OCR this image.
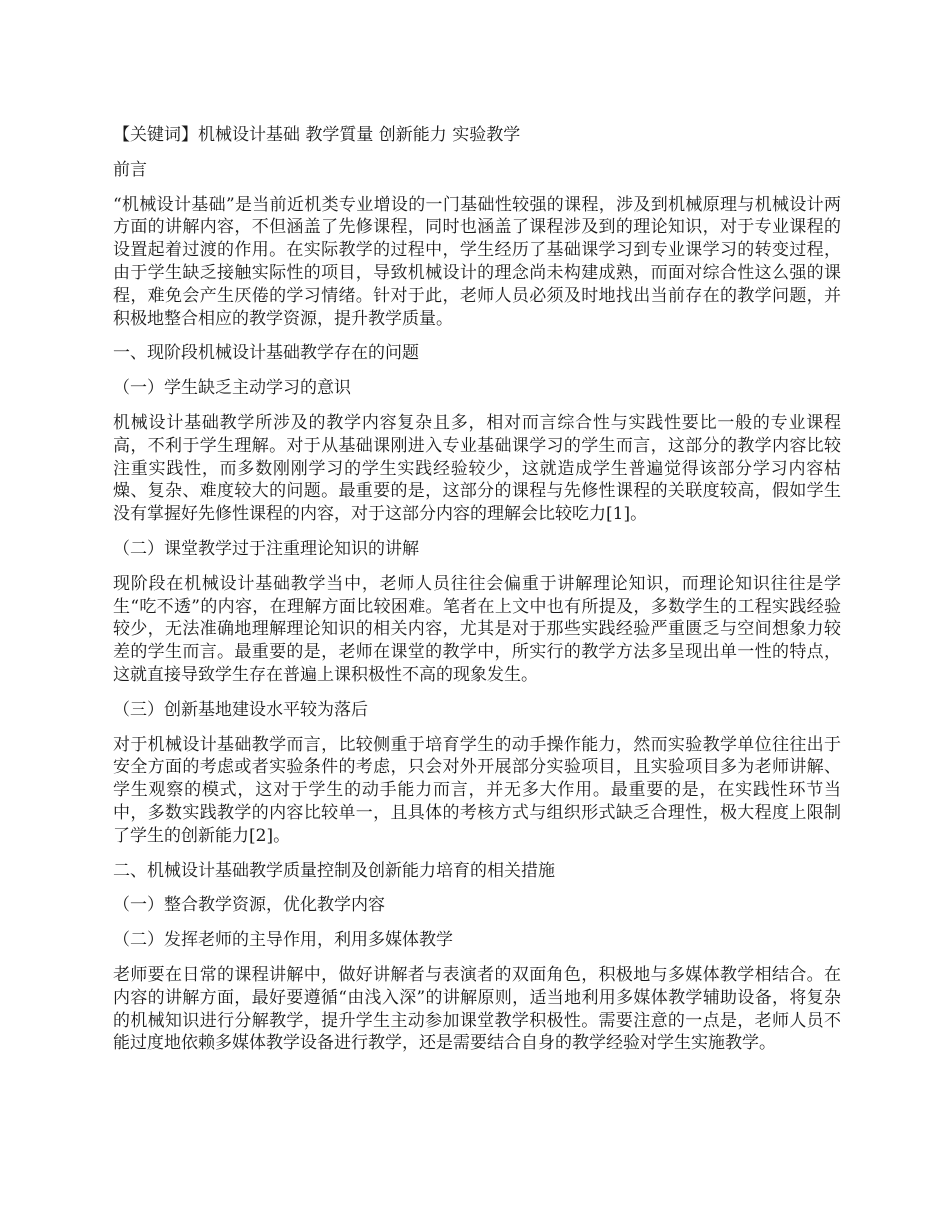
【关键词】机械设计基础 教学質量 创新能力 实验教学

前言

“机械设计基础”是当前近机类专业增设的一门基础性较强的课程，涉及到机械原理与机械设计两方面的讲解内容，不但涵盖了先修课程，同时也涵盖了课程涉及到的理论知识，对于专业课程的设置起着过渡的作用。在实际教学的过程中，学生经历了基础课学习到专业课学习的转变过程，由于学生缺乏接触实际性的项目，导致机械设计的理念尚未构建成熟，而面对综合性这么强的课程，难免会产生厌倦的学习情绪。针对于此，老师人员必须及时地找出当前存在的教学问题，并积极地整合相应的教学资源，提升教学质量。

一、现阶段机械设计基础教学存在的问题

（一）学生缺乏主动学习的意识

机械设计基础教学所涉及的教学内容复杂且多，相对而言综合性与实践性要比一般的专业课程高，不利于学生理解。对于从基础课刚进入专业基础课学习的学生而言，这部分的教学内容比较注重实践性，而多数刚刚学习的学生实践经验较少，这就造成学生普遍觉得该部分学习内容枯燥、复杂、难度较大的问题。最重要的是，这部分的课程与先修性课程的关联度较高，假如学生没有掌握好先修性课程的内容，对于这部分内容的理解会比较吃力[1]。

（二）课堂教学过于注重理论知识的讲解

现阶段在机械设计基础教学当中，老师人员往往会偏重于讲解理论知识，而理论知识往往是学生“吃不透”的内容，在理解方面比较困难。笔者在上文中也有所提及，多数学生的工程实践经验较少，无法准确地理解理论知识的相关内容，尤其是对于那些实践经验严重匮乏与空间想象力较差的学生而言。最重要的是，老师在课堂的教学中，所实行的教学方法多呈现出单一性的特点，这就直接导致学生存在普遍上课积极性不高的现象发生。

（三）创新基地建设水平较为落后

对于机械设计基础教学而言，比较侧重于培育学生的动手操作能力，然而实验教学单位往往出于安全方面的考虑或者实验条件的考虑，只会对外开展部分实验项目，且实验项目多为老师讲解、学生观察的模式，这对于学生的动手能力而言，并无多大作用。最重要的是，在实践性环节当中，多数实践教学的内容比较单一，且具体的考核方式与组织形式缺乏合理性，极大程度上限制了学生的创新能力[2]。

二、机械设计基础教学质量控制及创新能力培育的相关措施

（一）整合教学资源，优化教学内容

（二）发挥老师的主导作用，利用多媒体教学

老师要在日常的课程讲解中，做好讲解者与表演者的双面角色，积极地与多媒体教学相结合。在内容的讲解方面，最好要遵循“由浅入深”的讲解原则，适当地利用多媒体教学辅助设备，将复杂的机械知识进行分解教学，提升学生主动参加课堂教学积极性。需要注意的一点是，老师人员不能过度地依赖多媒体教学设备进行教学，还是需要结合自身的教学经验对学生实施教学。
